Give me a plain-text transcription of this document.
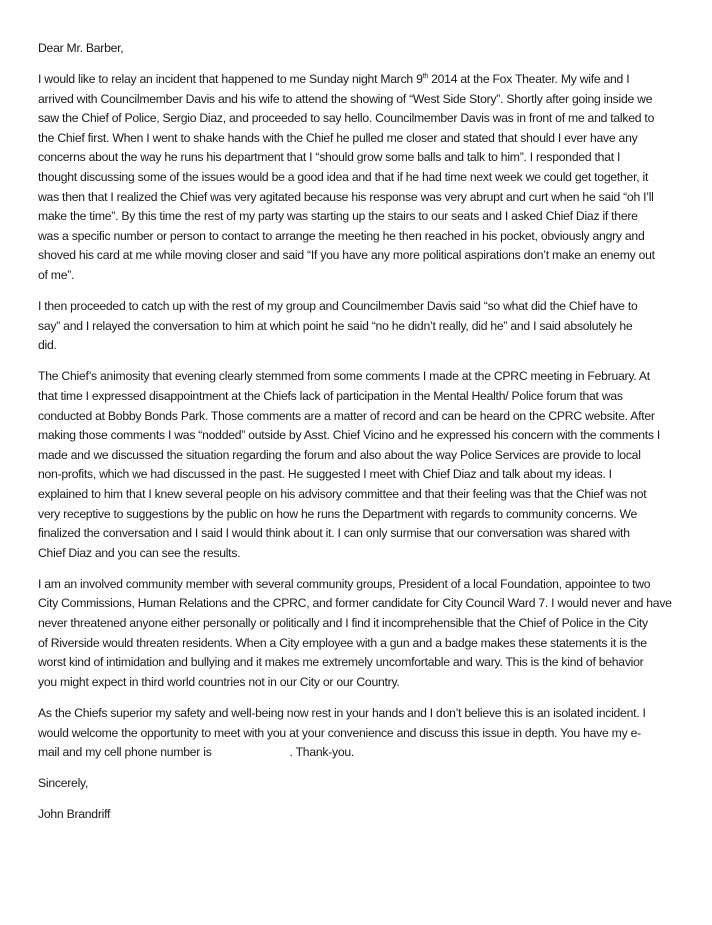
Dear Mr. Barber,
I would like to relay an incident that happened to me Sunday night March 9th 2014 at the Fox Theater. My wife and I
arrived with Councilmember Davis and his wife to attend the showing of “West Side Story”. Shortly after going inside we
saw the Chief of Police, Sergio Diaz, and proceeded to say hello. Councilmember Davis was in front of me and talked to
the Chief first. When I went to shake hands with the Chief he pulled me closer and stated that should I ever have any
concerns about the way he runs his department that I “should grow some balls and talk to him”. I responded that I
thought discussing some of the issues would be a good idea and that if he had time next week we could get together, it
was then that I realized the Chief was very agitated because his response was very abrupt and curt when he said “oh I’ll
make the time”. By this time the rest of my party was starting up the stairs to our seats and I asked Chief Diaz if there
was a specific number or person to contact to arrange the meeting he then reached in his pocket, obviously angry and
shoved his card at me while moving closer and said “If you have any more political aspirations don’t make an enemy out
of me”.
I then proceeded to catch up with the rest of my group and Councilmember Davis said “so what did the Chief have to
say” and I relayed the conversation to him at which point he said “no he didn’t really, did he” and I said absolutely he
did.
The Chief’s animosity that evening clearly stemmed from some comments I made at the CPRC meeting in February. At
that time I expressed disappointment at the Chiefs lack of participation in the Mental Health/ Police forum that was
conducted at Bobby Bonds Park. Those comments are a matter of record and can be heard on the CPRC website. After
making those comments I was “nodded” outside by Asst. Chief Vicino and he expressed his concern with the comments I
made and we discussed the situation regarding the forum and also about the way Police Services are provide to local
non-profits, which we had discussed in the past. He suggested I meet with Chief Diaz and talk about my ideas. I
explained to him that I knew several people on his advisory committee and that their feeling was that the Chief was not
very receptive to suggestions by the public on how he runs the Department with regards to community concerns. We
finalized the conversation and I said I would think about it. I can only surmise that our conversation was shared with
Chief Diaz and you can see the results.
I am an involved community member with several community groups, President of a local Foundation, appointee to two
City Commissions, Human Relations and the CPRC, and former candidate for City Council Ward 7. I would never and have
never threatened anyone either personally or politically and I find it incomprehensible that the Chief of Police in the City
of Riverside would threaten residents. When a City employee with a gun and a badge makes these statements it is the
worst kind of intimidation and bullying and it makes me extremely uncomfortable and wary. This is the kind of behavior
you might expect in third world countries not in our City or our Country.
As the Chiefs superior my safety and well-being now rest in your hands and I don’t believe this is an isolated incident. I
would welcome the opportunity to meet with you at your convenience and discuss this issue in depth. You have my e-
mail and my cell phone number is	. Thank-you.
Sincerely,
John Brandriff
